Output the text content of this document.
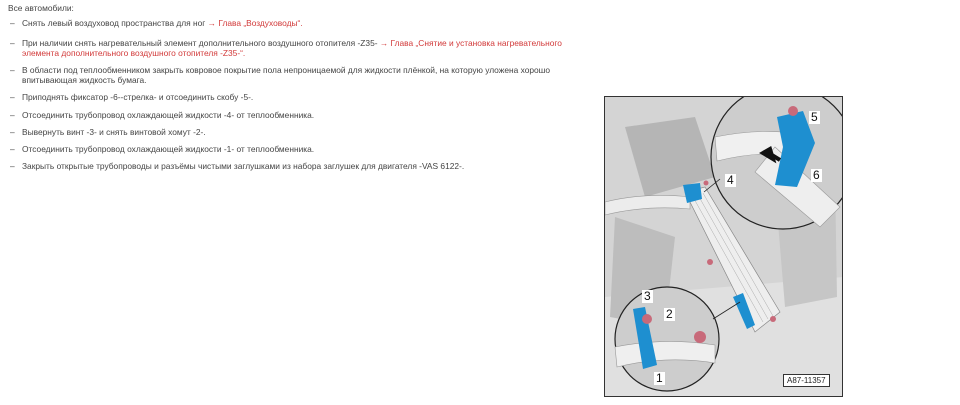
Все автомобили:
– Снять левый воздуховод пространства для ног → Глава „Воздуховоды“.
– При наличии снять нагревательный элемент дополнительного воздушного отопителя -Z35- → Глава „Снятие и установка нагревательного элемента дополнительного воздушного отопителя -Z35-“.
– В области под теплообменником закрыть ковровое покрытие пола непроницаемой для жидкости плёнкой, на которую уложена хорошо впитывающая жидкость бумага.
– Приподнять фиксатор -6--стрелка- и отсоединить скобу -5-.
– Отсоединить трубопровод охлаждающей жидкости -4- от теплообменника.
– Вывернуть винт -3- и снять винтовой хомут -2-.
– Отсоединить трубопровод охлаждающей жидкости -1- от теплообменника.
– Закрыть открытые трубопроводы и разъёмы чистыми заглушками из набора заглушек для двигателя -VAS 6122-.
5
4	6
3
2
1	A87-11357
